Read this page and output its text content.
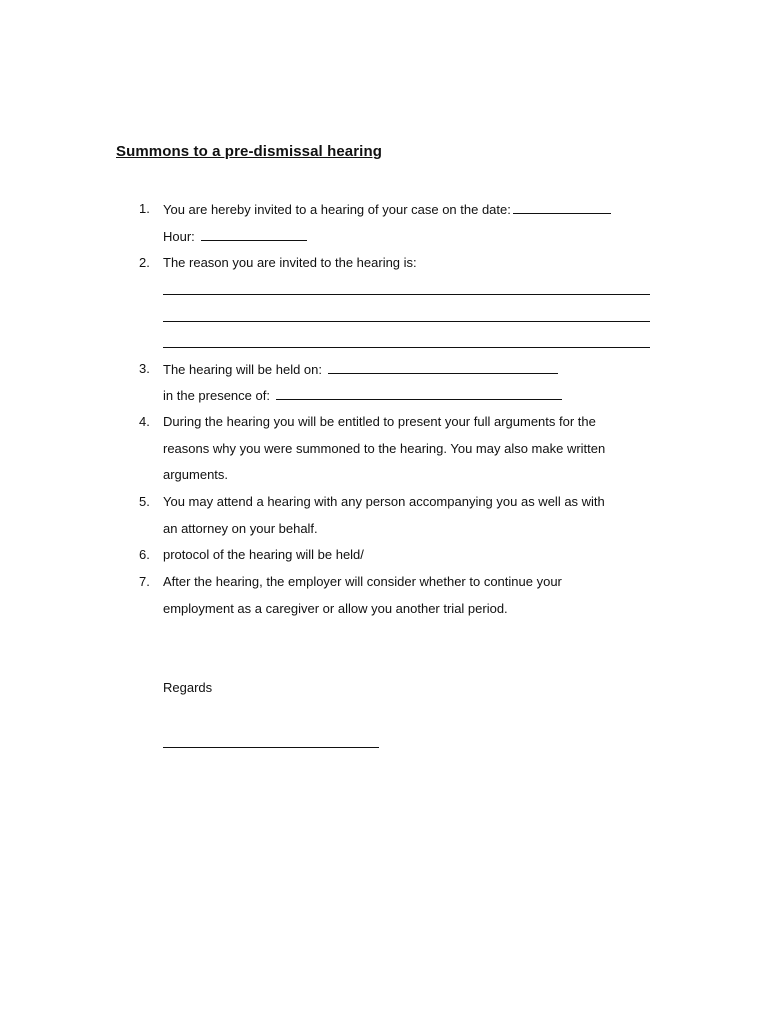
Summons to a pre-dismissal hearing
1. You are hereby invited to a hearing of your case on the date:
Hour:
2. The reason you are invited to the hearing is:
3. The hearing will be held on:
in the presence of:
4. During the hearing you will be entitled to present your full arguments for the
reasons why you were summoned to the hearing. You may also make written
arguments.
5. You may attend a hearing with any person accompanying you as well as with
an attorney on your behalf.
6. protocol of the hearing will be held/
7. After the hearing, the employer will consider whether to continue your
employment as a caregiver or allow you another trial period.
Regards
